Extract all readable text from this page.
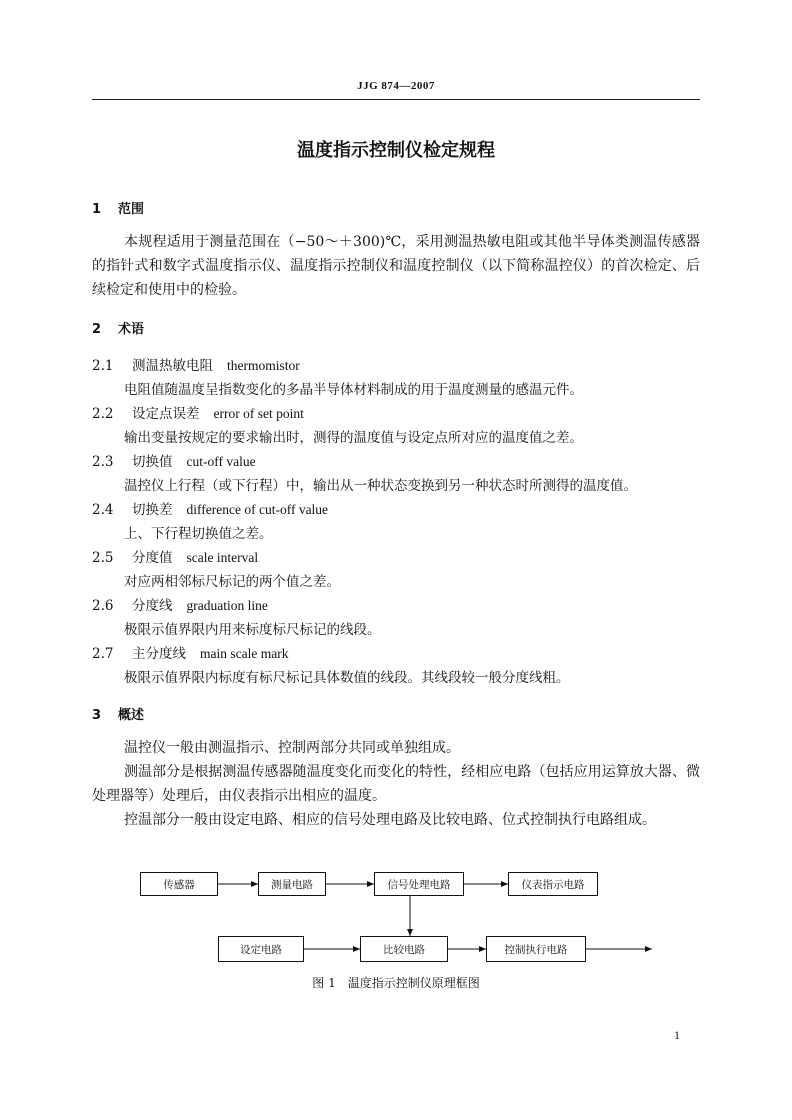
JJG 874—2007
温度指示控制仪检定规程
1 范围
本规程适用于测量范围在（−50～＋300)℃，采用测温热敏电阻或其他半导体类测温传感器的指针式和数字式温度指示仪、温度指示控制仪和温度控制仪（以下简称温控仪）的首次检定、后续检定和使用中的检验。
2 术语
2.1 测温热敏电阻 thermomistor
电阻值随温度呈指数变化的多晶半导体材料制成的用于温度测量的感温元件。
2.2 设定点误差 error of set point
输出变量按规定的要求输出时，测得的温度值与设定点所对应的温度值之差。
2.3 切换值 cut-off value
温控仪上行程（或下行程）中，输出从一种状态变换到另一种状态时所测得的温度值。
2.4 切换差 difference of cut-off value
上、下行程切换值之差。
2.5 分度值 scale interval
对应两相邻标尺标记的两个值之差。
2.6 分度线 graduation line
极限示值界限内用来标度标尺标记的线段。
2.7 主分度线 main scale mark
极限示值界限内标度有标尺标记具体数值的线段。其线段较一般分度线粗。
3 概述
温控仪一般由测温指示、控制两部分共同或单独组成。
测温部分是根据测温传感器随温度变化而变化的特性，经相应电路（包括应用运算放大器、微处理器等）处理后，由仪表指示出相应的温度。
控温部分一般由设定电路、相应的信号处理电路及比较电路、位式控制执行电路组成。
传感器	测量电路	信号处理电路	仪表指示电路
设定电路	比较电路	控制执行电路
图 1　温度指示控制仪原理框图
1
